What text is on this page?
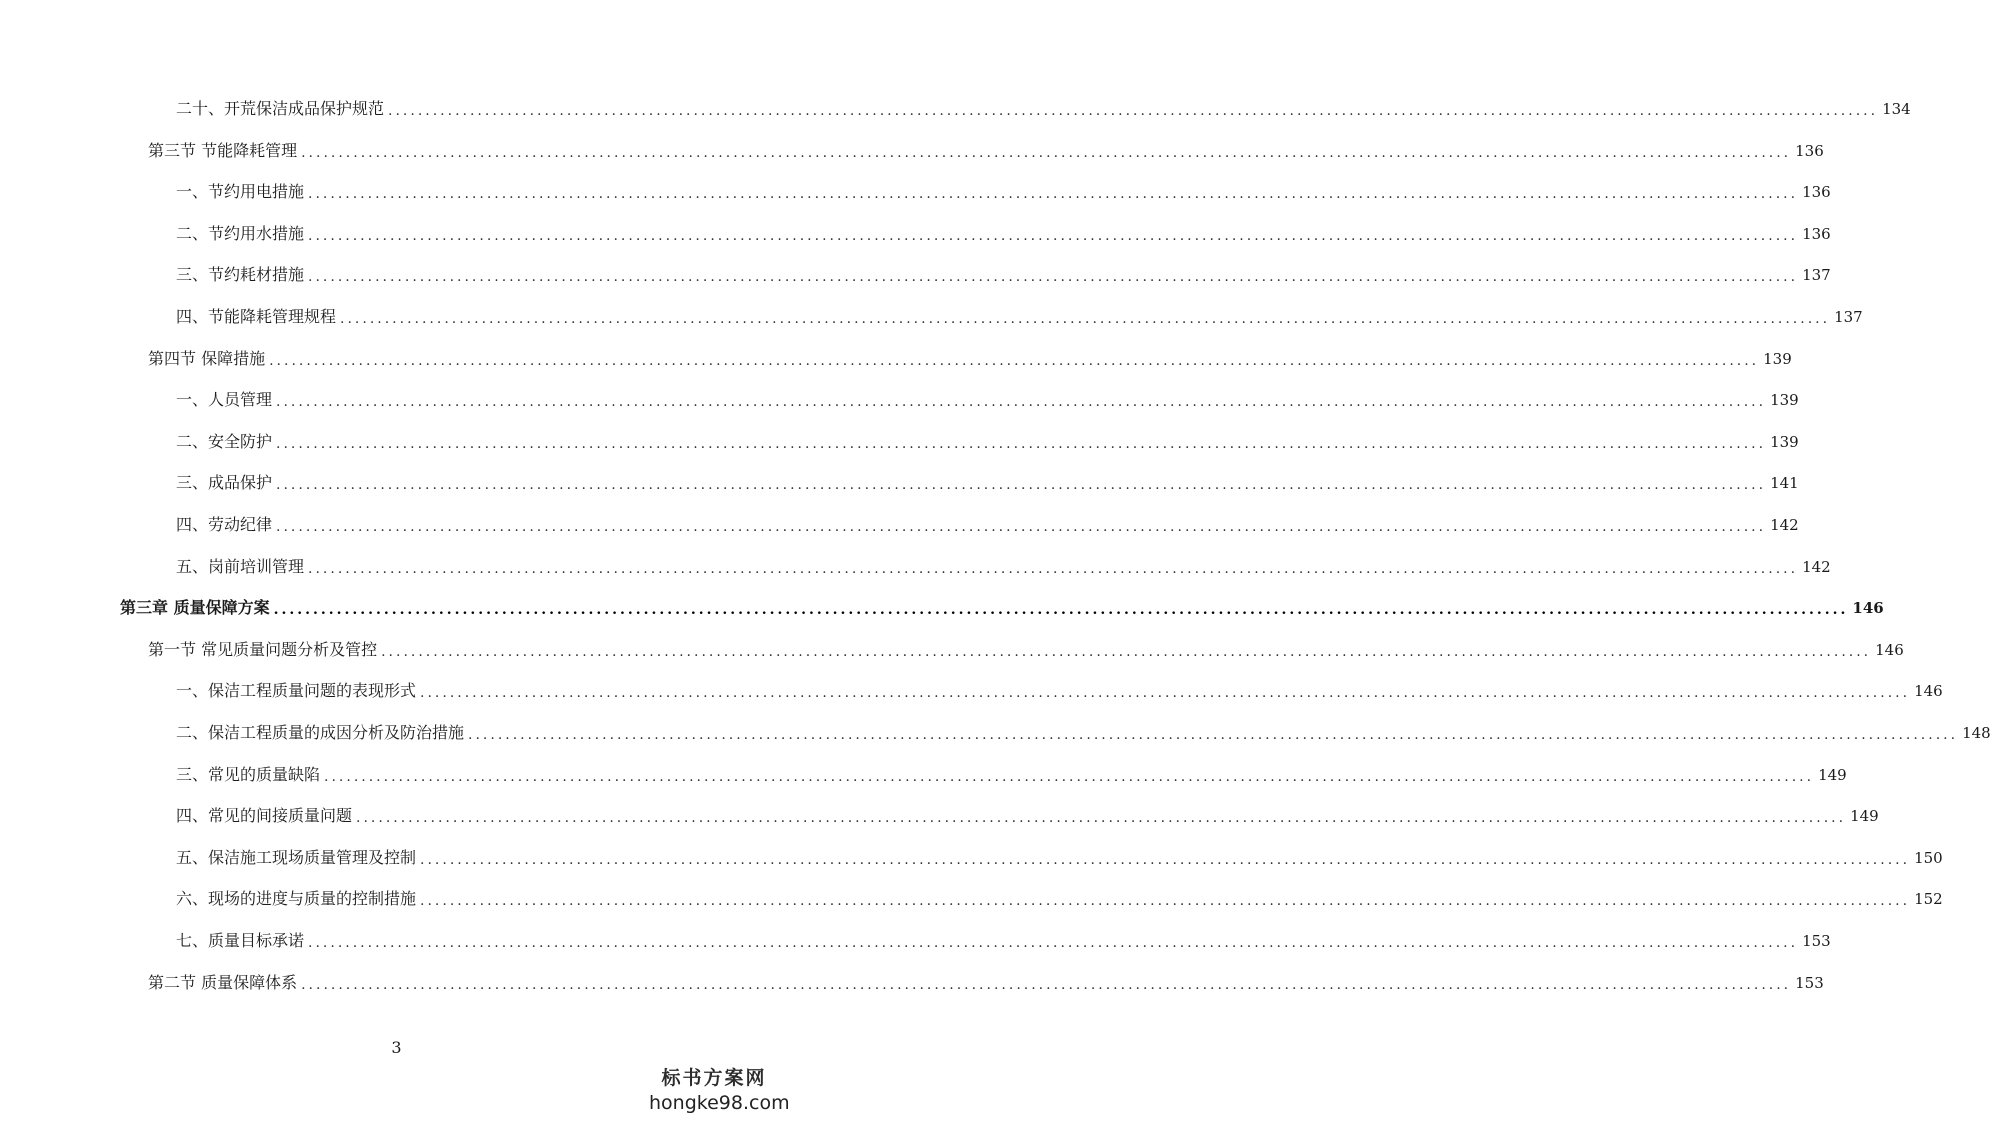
二十、开荒保洁成品保护规范 ........................................................................................................................................................................................................ 134
第三节 节能降耗管理 ........................................................................................................................................................................................................ 136
一、节约用电措施 ........................................................................................................................................................................................................ 136
二、节约用水措施 ........................................................................................................................................................................................................ 136
三、节约耗材措施 ........................................................................................................................................................................................................ 137
四、节能降耗管理规程 ........................................................................................................................................................................................................ 137
第四节 保障措施 ........................................................................................................................................................................................................ 139
一、人员管理 ........................................................................................................................................................................................................ 139
二、安全防护 ........................................................................................................................................................................................................ 139
三、成品保护 ........................................................................................................................................................................................................ 141
四、劳动纪律 ........................................................................................................................................................................................................ 142
五、岗前培训管理 ........................................................................................................................................................................................................ 142
第三章 质量保障方案 ........................................................................................................................................................................................................ 146
第一节 常见质量问题分析及管控 ........................................................................................................................................................................................................ 146
一、保洁工程质量问题的表现形式 ........................................................................................................................................................................................................ 146
二、保洁工程质量的成因分析及防治措施 ........................................................................................................................................................................................................ 148
三、常见的质量缺陷 ........................................................................................................................................................................................................ 149
四、常见的间接质量问题 ........................................................................................................................................................................................................ 149
五、保洁施工现场质量管理及控制 ........................................................................................................................................................................................................ 150
六、现场的进度与质量的控制措施 ........................................................................................................................................................................................................ 152
七、质量目标承诺 ........................................................................................................................................................................................................ 153
第二节 质量保障体系 ........................................................................................................................................................................................................ 153
3
标书方案网
hongke98.com
